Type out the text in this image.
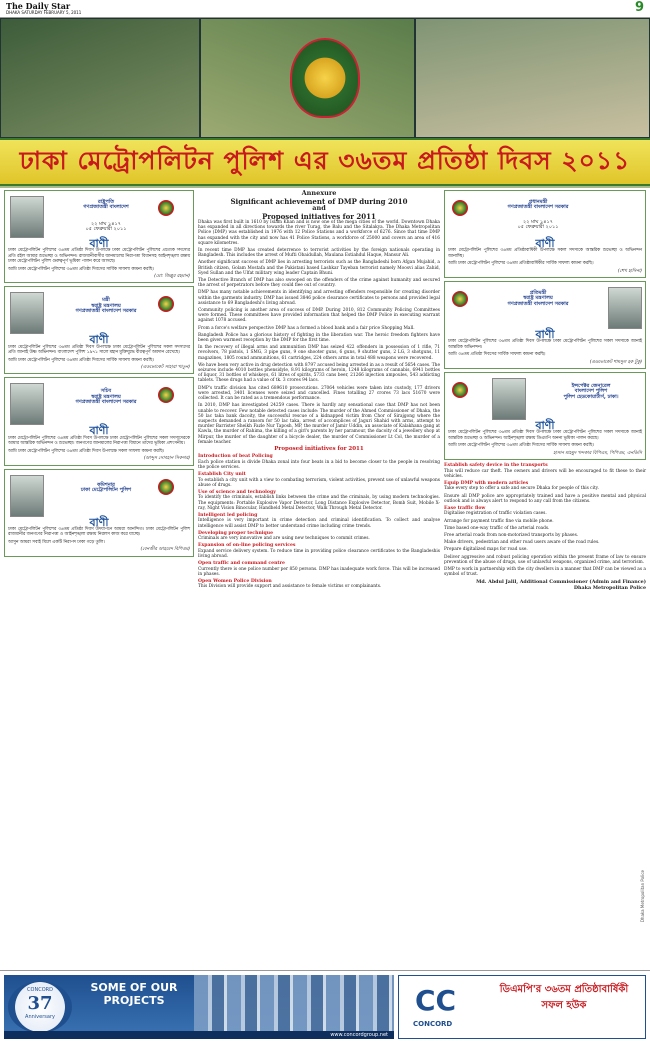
The Daily Star
DHAKA SATURDAY FEBRUARY 5, 2011	9
ঢাকা মেট্রোপলিটন পুলিশ এর ৩৬তম প্রতিষ্ঠা দিবস ২০১১
রাষ্ট্রপতি
গণপ্রজাতন্ত্রী বাংলাদেশ
২২ মাঘ ১৪১৭
০৫ ফেব্রুয়ারী ২০১১
বাণী
ঢাকা মেট্রোপলিটন পুলিশের ৩৬তম প্রতিষ্ঠা দিবস উপলক্ষে ঢাকা মেট্রোপলিটন পুলিশের প্রত্যেক সদস্যের প্রতি রইল আমার শুভেচ্ছা ও অভিনন্দন। রাজধানীবাসীর জানমালের নিরাপত্তা বিধানসহ আইনশৃঙ্খলা রক্ষায় ঢাকা মেট্রোপলিটন পুলিশ গুরুত্বপূর্ণ ভূমিকা পালন করে আসছে।
আমি ঢাকা মেট্রোপলিটন পুলিশের ৩৬তম প্রতিষ্ঠা দিবসের সার্বিক সাফল্য কামনা করছি।
(মো: জিল্লুর রহমান)
মন্ত্রী
স্বরাষ্ট্র মন্ত্রণালয়
গণপ্রজাতন্ত্রী বাংলাদেশ সরকার
বাণী
ঢাকা মেট্রোপলিটন পুলিশের ৩৬তম প্রতিষ্ঠা দিবস উপলক্ষে ঢাকা মেট্রোপলিটন পুলিশের সকল সদস্যদের প্রতি জানাই উষ্ণ অভিনন্দন। বাংলাদেশ পুলিশ ১৯৭১ সালে মহান মুক্তিযুদ্ধে বীরত্বপূর্ণ অবদান রেখেছে।
আমি ঢাকা মেট্রোপলিটন পুলিশের ৩৬তম প্রতিষ্ঠা দিবসের সার্বিক সাফল্য কামনা করছি।
(এডভোকেট সাহারা খাতুন)
সচিব
স্বরাষ্ট্র মন্ত্রণালয়
গণপ্রজাতন্ত্রী বাংলাদেশ সরকার
বাণী
ঢাকা মেট্রোপলিটন পুলিশের ৩৬তম প্রতিষ্ঠা দিবস উপলক্ষে ঢাকা মেট্রোপলিটন পুলিশের সকল সদস্যদেরকে আমার আন্তরিক অভিনন্দন ও শুভেচ্ছা। জনগণের জানমালের নিরাপত্তা বিধানে তাদের ভূমিকা প্রশংসনীয়।
আমি ঢাকা মেট্রোপলিটন পুলিশের ৩৬তম প্রতিষ্ঠা দিবস উপলক্ষে সকল সাফল্য কামনা করছি।
(আব্দুস সোবহান সিকদার)
কমিশনার
ঢাকা মেট্রোপলিটন পুলিশ
বাণী
ঢাকা মেট্রোপলিটন পুলিশের ৩৬তম প্রতিষ্ঠা দিবস উদযাপনে আমরা আনন্দিত। ঢাকা মেট্রোপলিটন পুলিশ রাজধানীর জনগণের নিরাপত্তা ও আইনশৃঙ্খলা রক্ষায় নিরলস কাজ করে যাচ্ছে।
আসুন আমরা সবাই মিলে একটি নিরাপদ ঢাকা গড়ে তুলি।
(বেনজীর আহমেদ বিপিএম)
Annexure
Significant achievement of DMP during 2010
and
Proposed initiatives for 2011
Dhaka was first built in 1610 by Islam Khan and is now one of the mega cities of the world. Downtown Dhaka has expanded in all directions towards the river Turag, the Balu and the Sitalakya. The Dhaka Metropolitan Police (DMP) was established in 1976 with 12 Police Stations and a workforce of 6276. Since that time DMP has expanded with the city and now has 41 Police Stations, a workforce of 25000 and covers an area of 416 square kilometres.
In recent time DMP has created deterrence to terrorist activities by the foreign nationals operating in Bangladesh. This includes the arrest of Mufti Obaidullah, Maulana Estiahdul Haque, Mansur Ali.
Another significant success of DMP lies in arresting terrorists such as the Bangladeshi born Afgan Mujahid, a British citizen, Golam Mostafa and the Pakistani based Lashkar Tayeban terrorist namely Moosvi alias Zahid, Syed Sullan and the Ulfat military wing leader Captain Bhuni.
The Detective Branch of DMP has also swooped on the offenders of the crime against humanity and secured the arrest of perpetrators before they could flee out of country.
DMP has many notable achievements in identifying and arresting offenders responsible for creating disorder within the garments industry. DMP has issued 3846 police clearance certificates to persons and provided legal assistance to 69 Bangladeshi's living abroad.
Community policing is another area of success of DMP. During 2010, 812 Community Policing Committees were formed. These committees have provided information that helped the DMP Police in executing warrant against 1078 accused.
From a force's welfare perspective DMP has a formed a blood bank and a fair price Shopping Mall.
Bangladesh Police has a glorious history of fighting in the liberation war. The heroic freedom fighters have been given warmest reception by the DMP for the first time.
In the recovery of illegal arms and ammunition DMP has seized 422 offenders in possession of 1 rifle, 71 revolvers, 78 pistols, 1 SMG, 3 pipe guns, 9 one shooter guns, 6 guns, 9 shutter guns, 2 LG, 3 shotguns, 11 magazines, 1805 round ammunitions, 61 cartridges, 224 others arms in total 488 weapons were recovered.
We have been very active in drug detection with 8797 accused being arrested in as a result of 5654 cases. The seizures include 4010 bottles phensidyle, 8.91 kilograms of heroin, 1248 kilograms of cannabis, 6941 bottles of liquor, 31 bottles of whiskeys, 61 litres of spirits, 5733 cans beer, 21266 injection ampoules, 543 addicting tablets. These drugs had a value of tk. 3 crores 94 lacs.
DMP's traffic division has cited 689610 prosecutions. 27064 vehicles were taken into custody, 177 drivers were arrested, 3401 licenses were seized and cancelled. Fines totalling 27 crores 73 lacs 51670 were collected. It can be rated as a tremendous performance.
In 2010, DMP has investigated 24259 cases. There is hardly any sensational case that DMP has not been unable to recover. Few notable detected cases include: The murder of the Ahmed Commissioner of Dhaka, the 50 lac taka bank dacoity, the successful rescue of a kidnapped victim from Chor of Sirajgong where the suspects demanded a ransom for 50 lac taka, arrest of accomplices of Jaguri Shahid with arms, attempt to murder Barrister Sheikh Fazle Nur Taposh, MP, the murder of Jamir Uddin, an associate of Kalakhana gang at Kawla, the murder of Rahima, the killing of a girl's parents by her paramour, the dacoity of a jewellery shop at Mirpur, the murder of the daughter of a bicycle dealer, the murder of Commissioner Lt Col, the murder of a female teacher.
Proposed initiatives for 2011
Introduction of beat Policing
Each police station is divide Dhaka zonal into four beats in a bid to become closer to the people in resolving the police services.
Establish City unit
To establish a city unit with a view to combating terrorism, violent activities, prevent use of unlawful weapons abuse of drugs.
Use of science and technology
To identify the criminals, establish links between the crime and the criminals, by using modern technologies. The equipments: Portable Explosive Vapor Detector, Long Distance Explosive Detector, Bomb Suit, Mobile X-ray, Night Vision Binocular, Handheld Metal Detector, Walk Through Metal Detector.
Intelligent led policing
Intelligence is very important in crime detection and criminal identification. To collect and analyse intelligence will assist DMP to better understand crime including crime trends.
Developing proper technique
Criminals are very innovative and are using new techniques to commit crimes.
Expansion of on-line policing services
Expand service delivery system. To reduce time in providing police clearance certificates to the Bangladeshis living abroad.
Open traffic and command centre
Currently there is one police number per 850 persons. DMP has inadequate work force. This will be increased in phases.
Open Women Police Division
This Division will provide support and assistance to female victims or complainants.
প্রধানমন্ত্রী
গণপ্রজাতন্ত্রী বাংলাদেশ সরকার
২২ মাঘ ১৪১৭
০৫ ফেব্রুয়ারী ২০১১
বাণী
ঢাকা মেট্রোপলিটন পুলিশের ৩৬তম প্রতিষ্ঠাবার্ষিকী উপলক্ষে সকল সদস্যকে আন্তরিক শুভেচ্ছা ও অভিনন্দন জানাচ্ছি।
আমি ঢাকা মেট্রোপলিটন পুলিশের ৩৬তম প্রতিষ্ঠাবার্ষিকীর সার্বিক সাফল্য কামনা করছি।
(শেখ হাসিনা)
প্রতিমন্ত্রী
স্বরাষ্ট্র মন্ত্রণালয়
গণপ্রজাতন্ত্রী বাংলাদেশ সরকার
বাণী
ঢাকা মেট্রোপলিটন পুলিশের ৩৬তম প্রতিষ্ঠা দিবস উপলক্ষে ঢাকা মেট্রোপলিটন পুলিশের সকল সদস্যকে জানাই আন্তরিক অভিনন্দন।
আমি ৩৬তম প্রতিষ্ঠা দিবসের সার্বিক সাফল্য কামনা করছি।
(এডভোকেট শামসুল হক টুকু)
ইন্সপেক্টর জেনারেল
বাংলাদেশ পুলিশ
পুলিশ হেডকোয়ার্টার্স, ঢাকা।
বাণী
ঢাকা মেট্রোপলিটন পুলিশের ৩৬তম প্রতিষ্ঠা দিবস উপলক্ষে ঢাকা মেট্রোপলিটন পুলিশের সকল সদস্যকে জানাই আন্তরিক শুভেচ্ছা ও অভিনন্দন। আইনশৃঙ্খলা রক্ষায় ডিএমপি অনন্য ভূমিকা পালন করছে।
আমি ঢাকা মেট্রোপলিটন পুলিশের ৩৬তম প্রতিষ্ঠা দিবসের সার্বিক সাফল্য কামনা করছি।
হাসান মাহমুদ খন্দকার বিপিএম, পিপিএম, এনডিসি
Establish safety device in the transports
This will reduce car theft. The owners and drivers will be encouraged to fit these to their vehicles.
Equip DMP with modern articles
Take every step to offer a safe and secure Dhaka for people of this city.
Ensure all DMP police are appropriately trained and have a positive mental and physical outlook and is always alert to respond to any call from the citizens.
Ease traffic flow
Digitalise registration of traffic violation cases.
Arrange for payment traffic fine via mobile phone.
Time based one-way traffic of the arterial roads.
Free arterial roads from non-motorized transports by phases.
Make drivers, pedestrian and other road users aware of the road rules.
Prepare digitalized maps for road use.
Deliver aggressive and robust policing operation within the present frame of law to ensure prevention of the abuse of drugs, use of unlawful weapons, organized crime, and terrorism.
DMP to work in partnership with the city dwellers in a manner that DMP can be viewed as a symbol of trust.
Md. Abdul Jalil, Additional Commissioner (Admin and Finance)
Dhaka Metropolitan Police
Dhaka Metropolitan Police
CONCORD
37
Anniversary
SOME OF OUR PROJECTS
www.concordgroup.net
CC
CONCORD
ডিএমপি'র ৩৬তম প্রতিষ্ঠাবার্ষিকী সফল হউক
